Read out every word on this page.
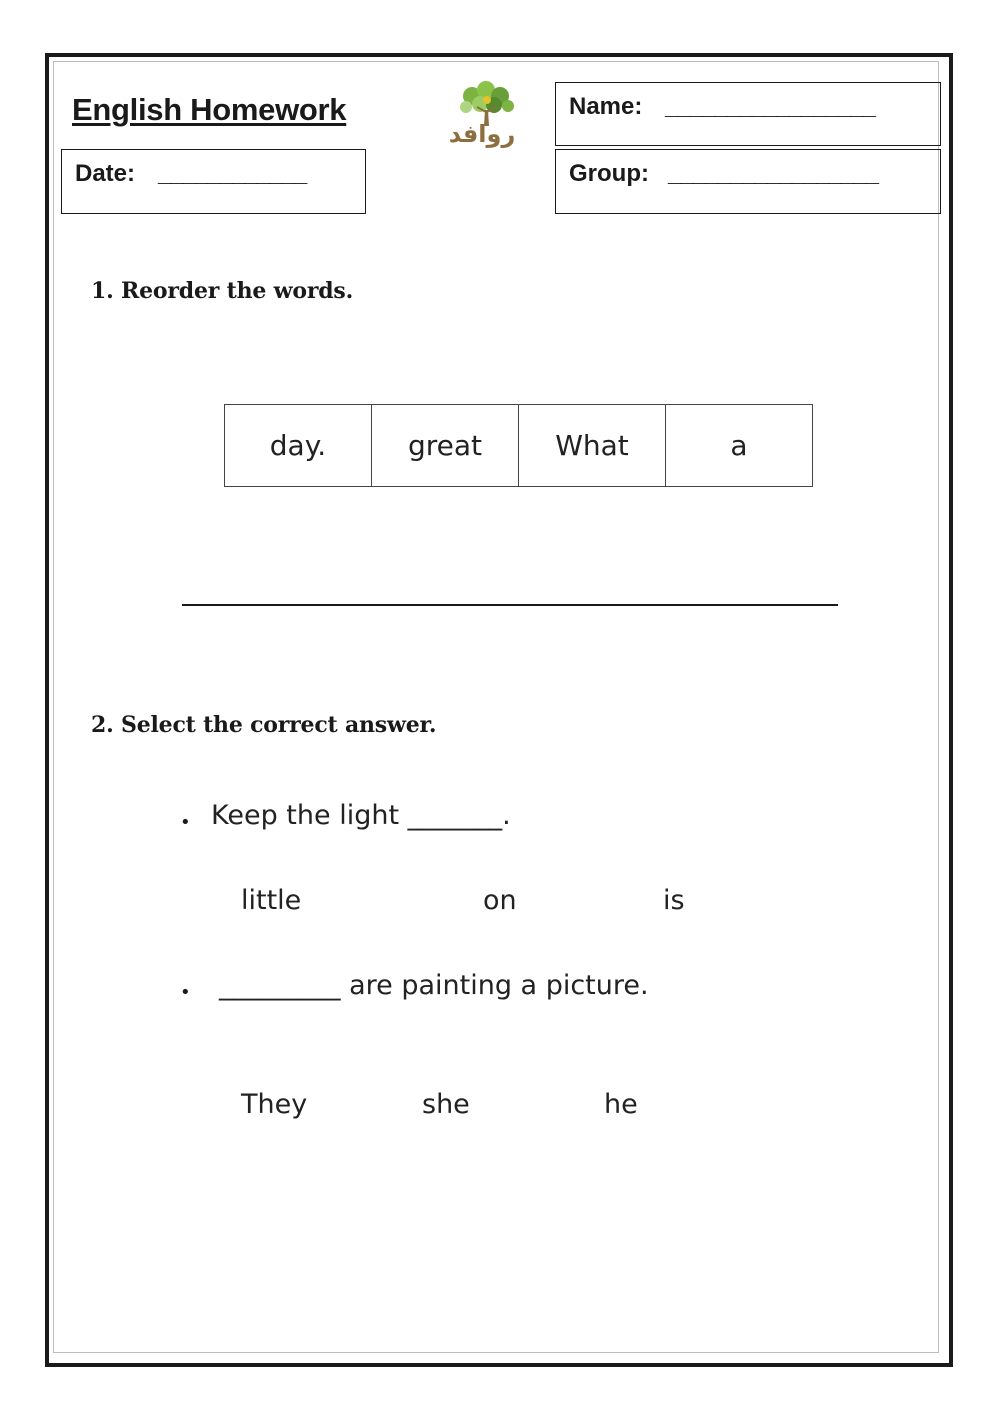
English Homework
روافد
Date: ____________
Name: _________________
Group: _________________
1. Reorder the words.
day.	great	What	a
2. Select the correct answer.
• Keep the light _______.
little	on	is
• _________ are painting a picture.
They	she	he
